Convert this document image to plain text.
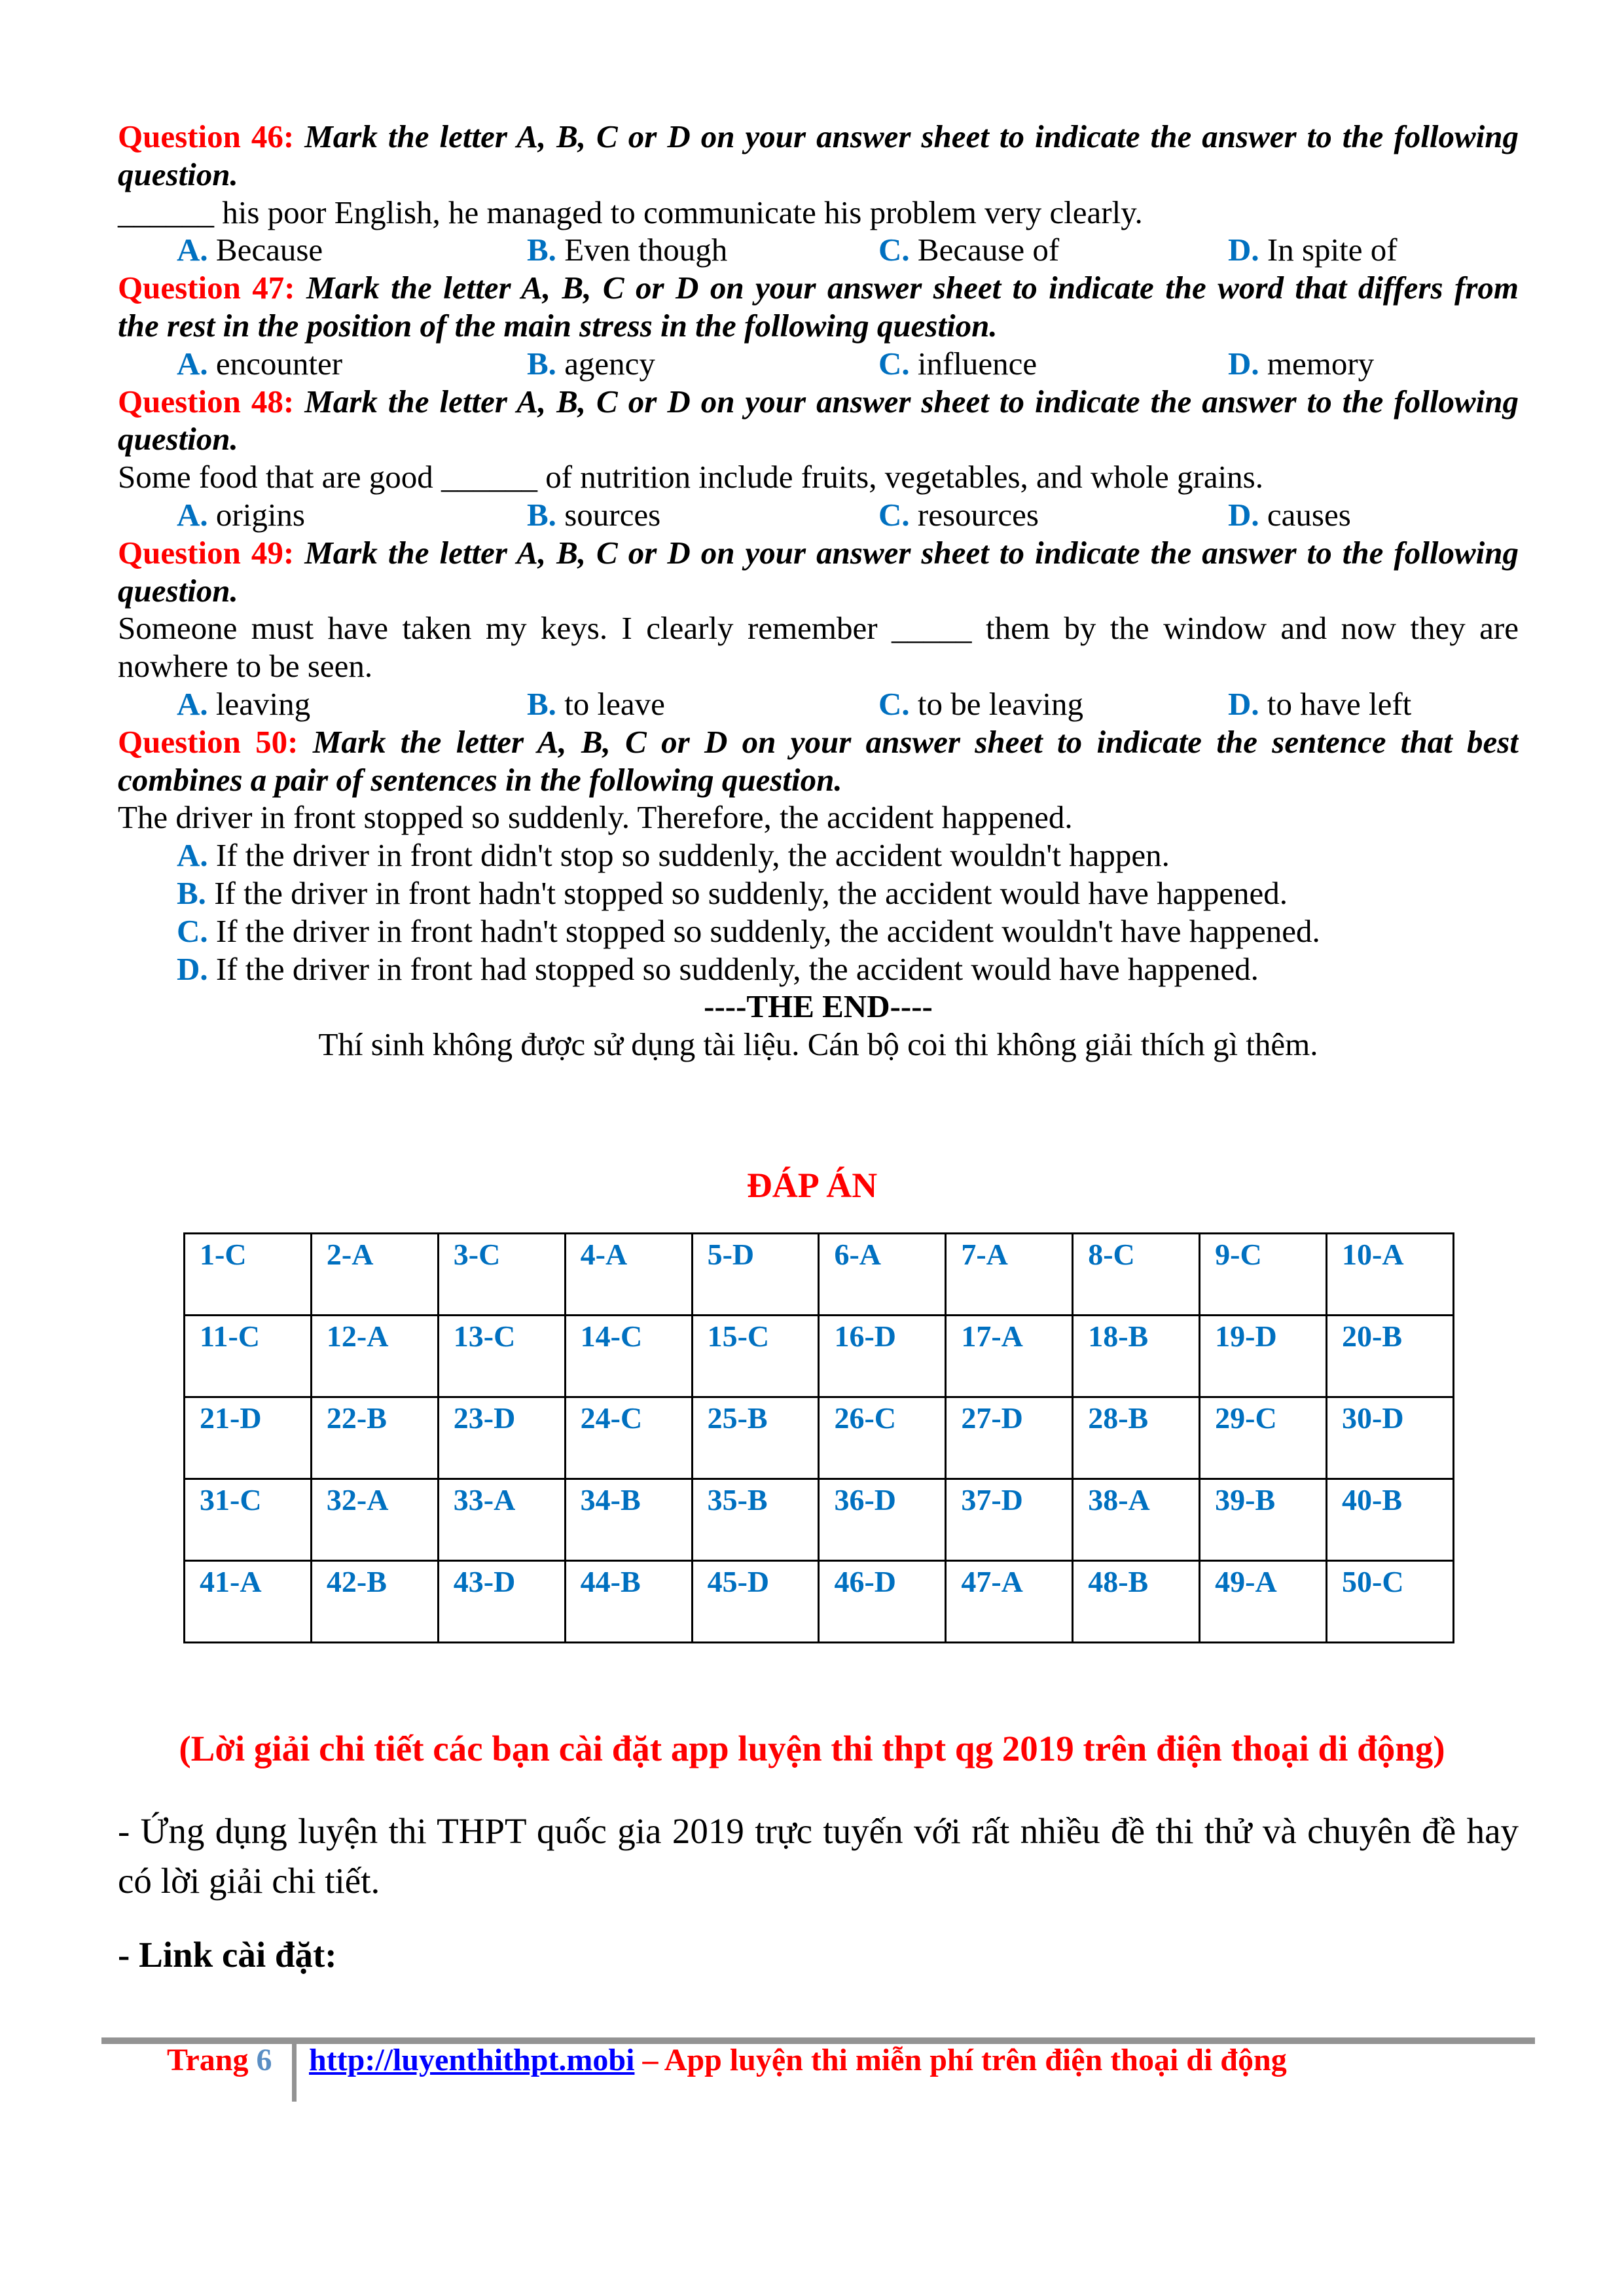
Question 46: Mark the letter A, B, C or D on your answer sheet to indicate the answer to the following
question.
______ his poor English, he managed to communicate his problem very clearly.
A. Because	B. Even though	C. Because of	D. In spite of
Question 47: Mark the letter A, B, C or D on your answer sheet to indicate the word that differs from
the rest in the position of the main stress in the following question.
A. encounter	B. agency	C. influence	D. memory
Question 48: Mark the letter A, B, C or D on your answer sheet to indicate the answer to the following
question.
Some food that are good ______ of nutrition include fruits, vegetables, and whole grains.
A. origins	B. sources	C. resources	D. causes
Question 49: Mark the letter A, B, C or D on your answer sheet to indicate the answer to the following
question.
Someone must have taken my keys. I clearly remember _____ them by the window and now they are
nowhere to be seen.
A. leaving	B. to leave	C. to be leaving	D. to have left
Question 50: Mark the letter A, B, C or D on your answer sheet to indicate the sentence that best
combines a pair of sentences in the following question.
The driver in front stopped so suddenly. Therefore, the accident happened.
A. If the driver in front didn't stop so suddenly, the accident wouldn't happen.
B. If the driver in front hadn't stopped so suddenly, the accident would have happened.
C. If the driver in front hadn't stopped so suddenly, the accident wouldn't have happened.
D. If the driver in front had stopped so suddenly, the accident would have happened.
----THE END----
Thí sinh không được sử dụng tài liệu. Cán bộ coi thi không giải thích gì thêm.
ĐÁP ÁN
1-C	2-A	3-C	4-A	5-D	6-A	7-A	8-C	9-C	10-A
11-C	12-A	13-C	14-C	15-C	16-D	17-A	18-B	19-D	20-B
21-D	22-B	23-D	24-C	25-B	26-C	27-D	28-B	29-C	30-D
31-C	32-A	33-A	34-B	35-B	36-D	37-D	38-A	39-B	40-B
41-A	42-B	43-D	44-B	45-D	46-D	47-A	48-B	49-A	50-C
(Lời giải chi tiết các bạn cài đặt app luyện thi thpt qg 2019 trên điện thoại di động)
- Ứng dụng luyện thi THPT quốc gia 2019 trực tuyến với rất nhiều đề thi thử và chuyên đề hay có lời giải chi tiết.
- Link cài đặt:
Trang 6 http://luyenthithpt.mobi – App luyện thi miễn phí trên điện thoại di động
